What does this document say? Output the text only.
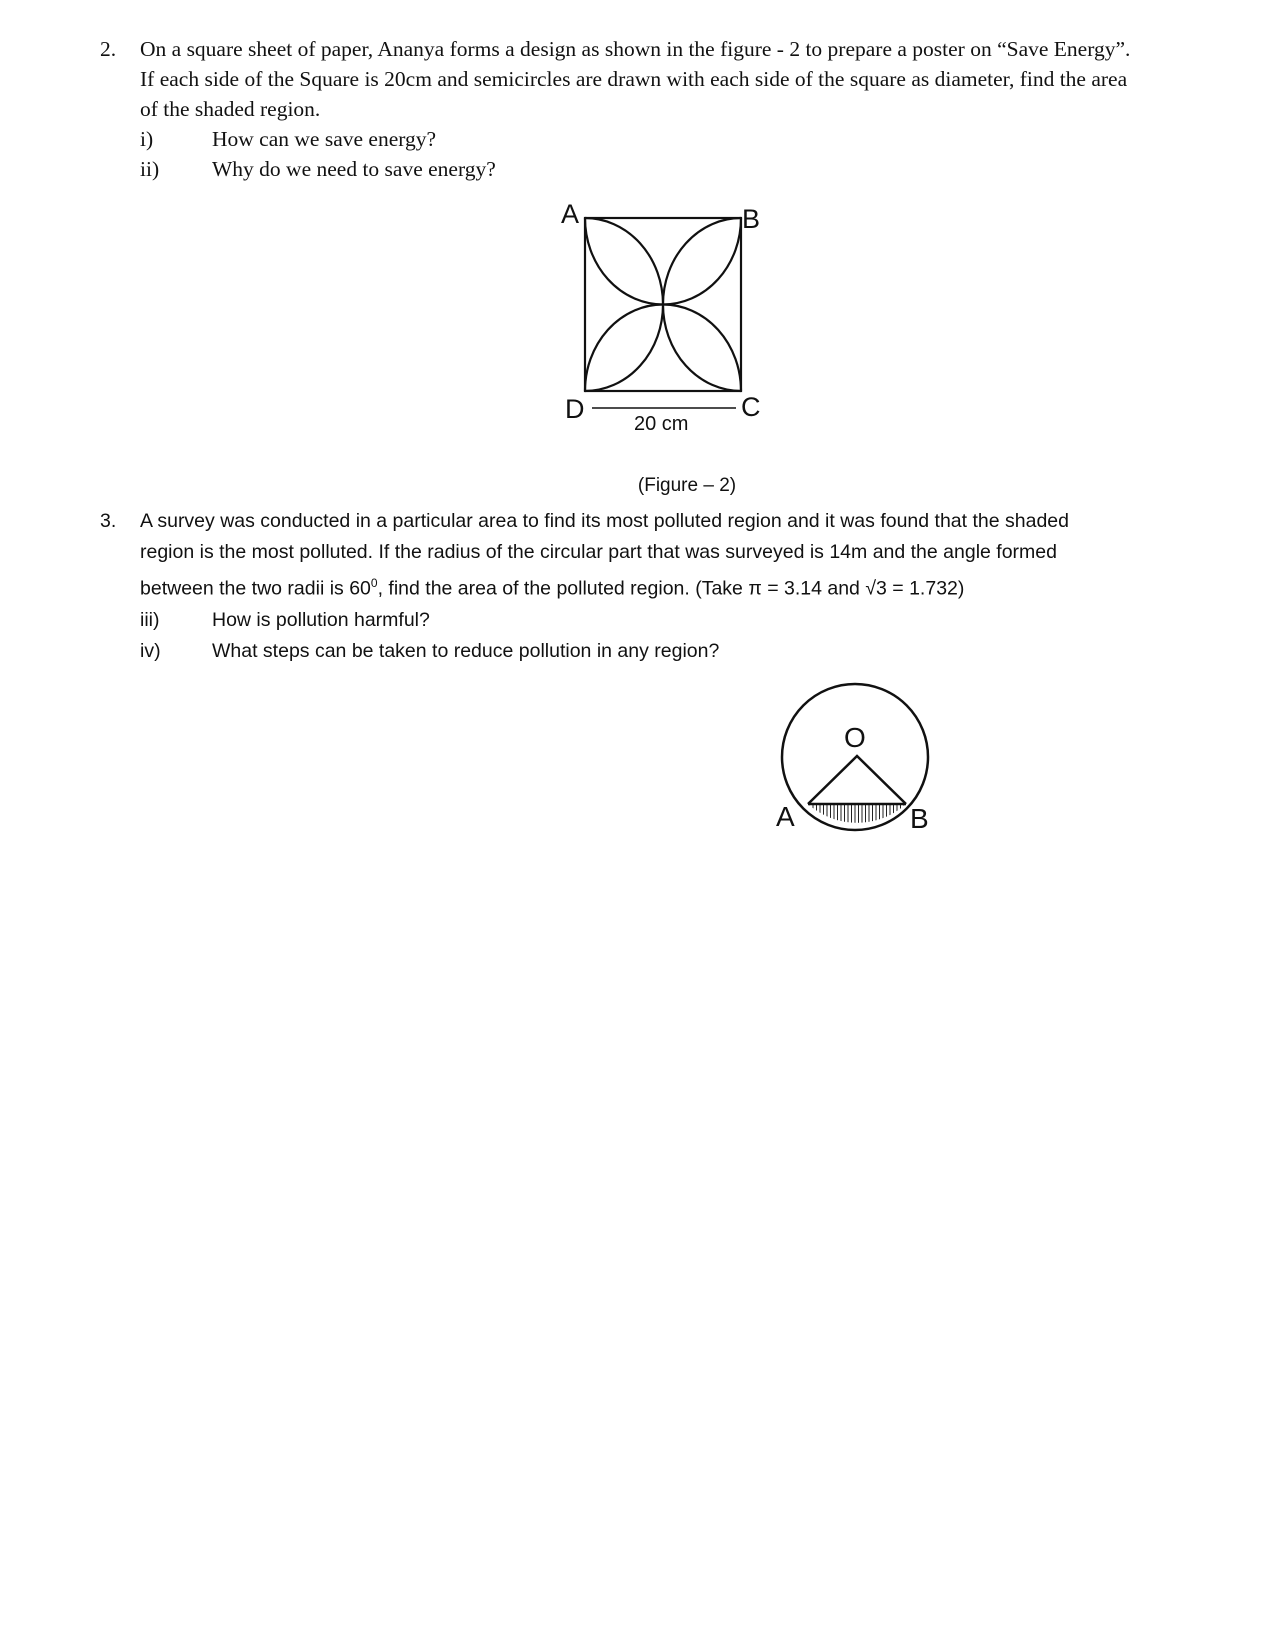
2. On a square sheet of paper, Ananya forms a design as shown in the figure - 2 to prepare a poster on “Save Energy”.
If each side of the Square is 20cm and semicircles are drawn with each side of the square as diameter, find the area
of the shaded region.
i)	How can we save energy?
ii) Why do we need to save energy?
A	B
C
D 20 cm
(Figure – 2)
3. A survey was conducted in a particular area to find its most polluted region and it was found that the shaded
region is the most polluted. If the radius of the circular part that was surveyed is 14m and the angle formed
between the two radii is $60^0$, find the area of the polluted region. (Take π = 3.14 and √3 = 1.732)
iii)	How is pollution harmful?
iv)	What steps can be taken to reduce pollution in any region?
O
A	B
